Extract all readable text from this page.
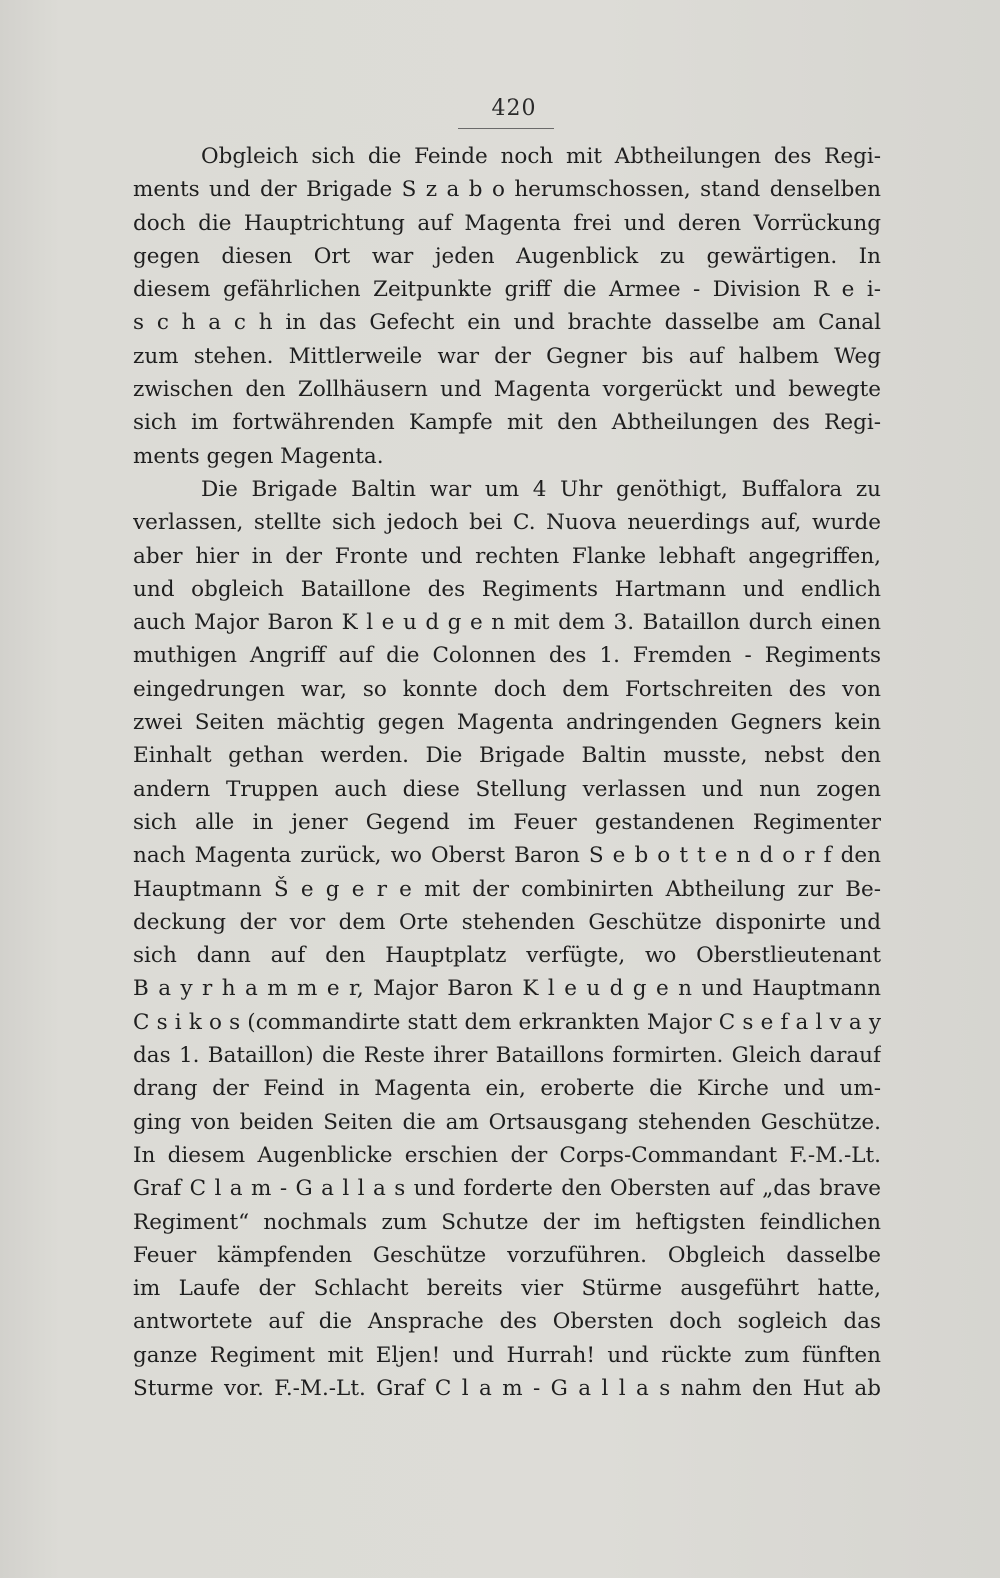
420
Obgleich sich die Feinde noch mit Abtheilungen des Regi-
ments und der Brigade S z a b o herumschossen, stand denselben
doch die Hauptrichtung auf Magenta frei und deren Vorrückung
gegen diesen Ort war jeden Augenblick zu gewärtigen. In
diesem gefährlichen Zeitpunkte griff die Armee - Division R e i-
s c h a c h in das Gefecht ein und brachte dasselbe am Canal
zum stehen. Mittlerweile war der Gegner bis auf halbem Weg
zwischen den Zollhäusern und Magenta vorgerückt und bewegte
sich im fortwährenden Kampfe mit den Abtheilungen des Regi-
ments gegen Magenta.
Die Brigade Baltin war um 4 Uhr genöthigt, Buffalora zu
verlassen, stellte sich jedoch bei C. Nuova neuerdings auf, wurde
aber hier in der Fronte und rechten Flanke lebhaft angegriffen,
und obgleich Bataillone des Regiments Hartmann und endlich
auch Major Baron K l e u d g e n mit dem 3. Bataillon durch einen
muthigen Angriff auf die Colonnen des 1. Fremden - Regiments
eingedrungen war, so konnte doch dem Fortschreiten des von
zwei Seiten mächtig gegen Magenta andringenden Gegners kein
Einhalt gethan werden. Die Brigade Baltin musste, nebst den
andern Truppen auch diese Stellung verlassen und nun zogen
sich alle in jener Gegend im Feuer gestandenen Regimenter
nach Magenta zurück, wo Oberst Baron S e b o t t e n d o r f den
Hauptmann Š e g e r e mit der combinirten Abtheilung zur Be-
deckung der vor dem Orte stehenden Geschütze disponirte und
sich dann auf den Hauptplatz verfügte, wo Oberstlieutenant
B a y r h a m m e r, Major Baron K l e u d g e n und Hauptmann
C s i k o s (commandirte statt dem erkrankten Major C s e f a l v a y
das 1. Bataillon) die Reste ihrer Bataillons formirten. Gleich darauf
drang der Feind in Magenta ein, eroberte die Kirche und um-
ging von beiden Seiten die am Ortsausgang stehenden Geschütze.
In diesem Augenblicke erschien der Corps-Commandant F.-M.-Lt.
Graf C l a m - G a l l a s und forderte den Obersten auf „das brave
Regiment“ nochmals zum Schutze der im heftigsten feindlichen
Feuer kämpfenden Geschütze vorzuführen. Obgleich dasselbe
im Laufe der Schlacht bereits vier Stürme ausgeführt hatte,
antwortete auf die Ansprache des Obersten doch sogleich das
ganze Regiment mit Eljen! und Hurrah! und rückte zum fünften
Sturme vor. F.-M.-Lt. Graf C l a m - G a l l a s nahm den Hut ab
